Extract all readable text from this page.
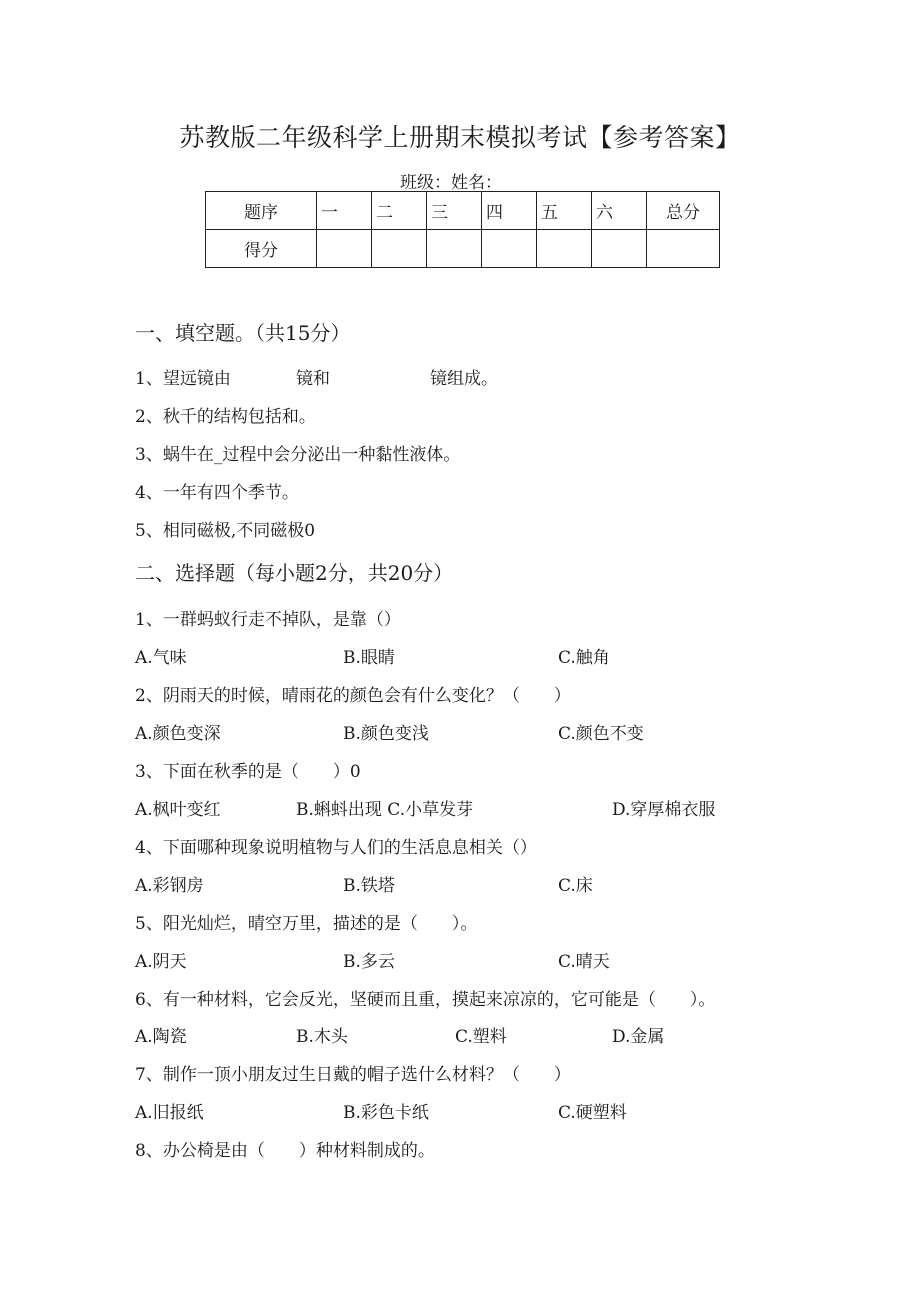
苏教版二年级科学上册期末模拟考试【参考答案】
班级：姓名：
题序	一	二	三	四	五	六	总分
得分							
一、填空题。（共15分）
1、望远镜由	镜和	镜组成。
2、秋千的结构包括和。
3、蜗牛在_过程中会分泌出一种黏性液体。
4、一年有四个季节。
5、相同磁极,不同磁极0
二、选择题（每小题2分，共20分）
1、一群蚂蚁行走不掉队，是靠（）
A.气味	B.眼睛	C.触角
2、阴雨天的时候，晴雨花的颜色会有什么变化？（　　）
A.颜色变深	B.颜色变浅	C.颜色不变
3、下面在秋季的是（　　）0
A.枫叶变红	B.蝌蚪出现 C.小草发芽	D.穿厚棉衣服
4、下面哪种现象说明植物与人们的生活息息相关（）
A.彩钢房	B.铁塔	C.床
5、阳光灿烂，晴空万里，描述的是（　　）。
A.阴天	B.多云	C.晴天
6、有一种材料，它会反光，坚硬而且重，摸起来凉凉的，它可能是（　　）。
A.陶瓷	B.木头	C.塑料	D.金属
7、制作一顶小朋友过生日戴的帽子选什么材料？（　　）
A.旧报纸	B.彩色卡纸	C.硬塑料
8、办公椅是由（　　）种材料制成的。
